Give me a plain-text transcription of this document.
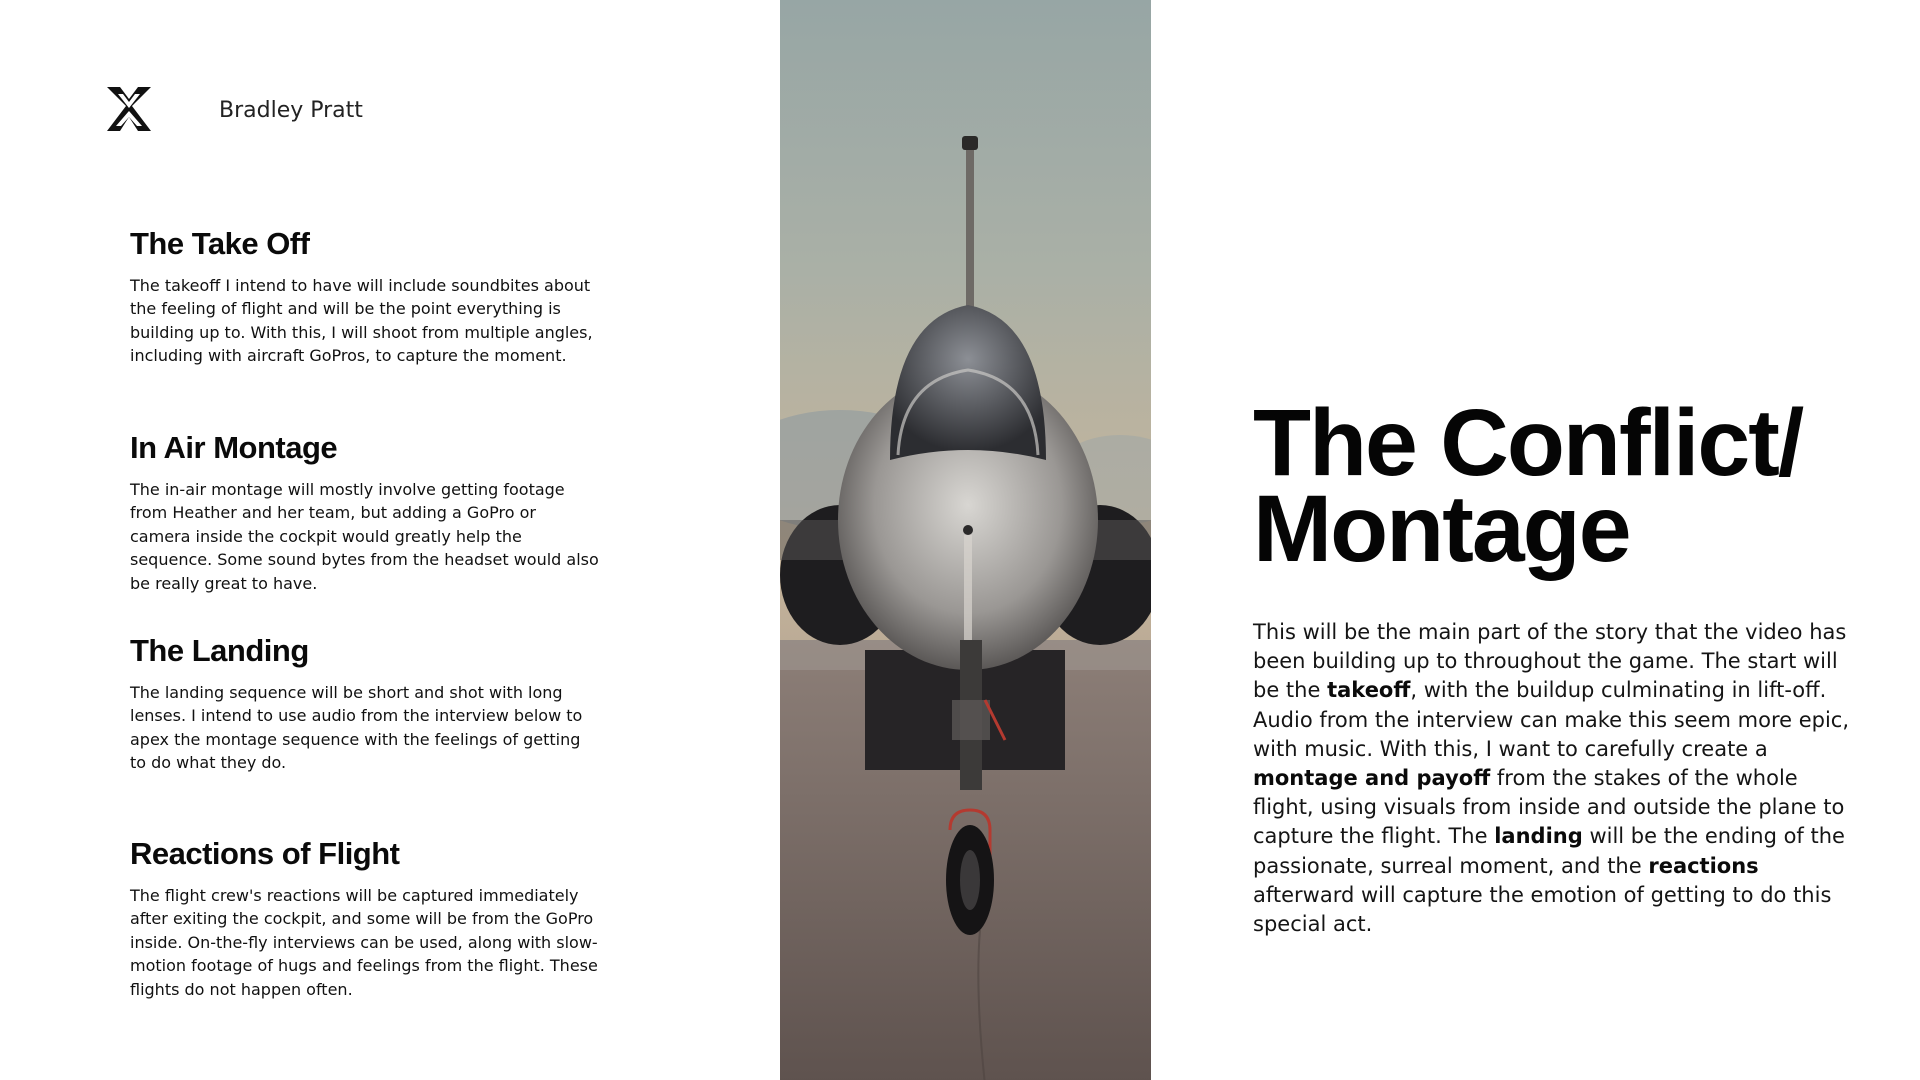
Bradley Pratt
The Take Off

The takeoff I intend to have will include soundbites about the feeling of flight and will be the point everything is building up to. With this, I will shoot from multiple angles, including with aircraft GoPros, to capture the moment.

In Air Montage

The in-air montage will mostly involve getting footage from Heather and her team, but adding a GoPro or camera inside the cockpit would greatly help the sequence. Some sound bytes from the headset would also be really great to have.

The Landing

The landing sequence will be short and shot with long lenses. I intend to use audio from the interview below to apex the montage sequence with the feelings of getting to do what they do.

Reactions of Flight

The flight crew's reactions will be captured immediately after exiting the cockpit, and some will be from the GoPro inside. On-the-fly interviews can be used, along with slow-motion footage of hugs and feelings from the flight. These flights do not happen often.

The Conflict/
Montage

This will be the main part of the story that the video has been building up to throughout the game. The start will be the takeoff, with the buildup culminating in lift-off. Audio from the interview can make this seem more epic, with music. With this, I want to carefully create a montage and payoff from the stakes of the whole flight, using visuals from inside and outside the plane to capture the flight. The landing will be the ending of the passionate, surreal moment, and the reactions afterward will capture the emotion of getting to do this special act.
